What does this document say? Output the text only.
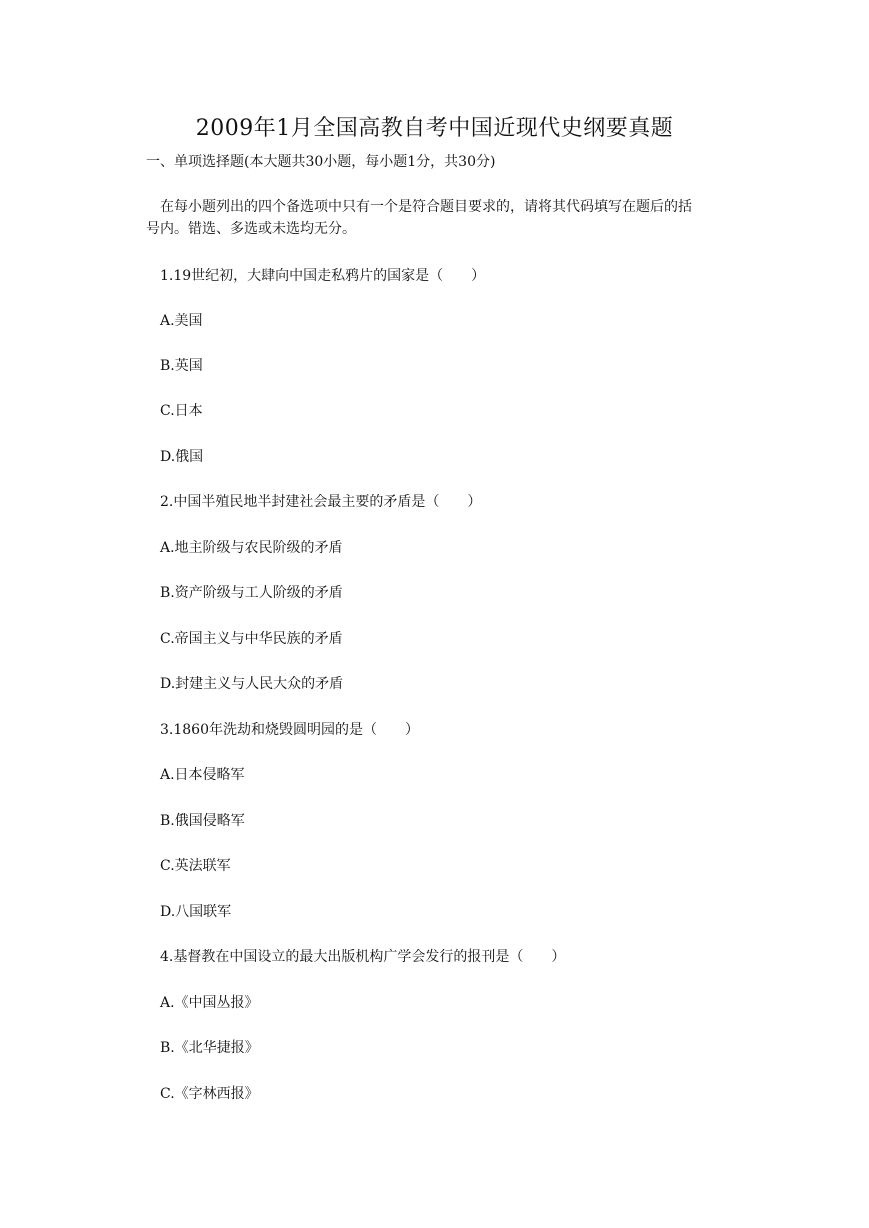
2009年1月全国高教自考中国近现代史纲要真题
一、单项选择题(本大题共30小题，每小题1分，共30分)
在每小题列出的四个备选项中只有一个是符合题目要求的，请将其代码填写在题后的括
号内。错选、多选或未选均无分。
1.19世纪初，大肆向中国走私鸦片的国家是（　　）
A.美国
B.英国
C.日本
D.俄国
2.中国半殖民地半封建社会最主要的矛盾是（　　）
A.地主阶级与农民阶级的矛盾
B.资产阶级与工人阶级的矛盾
C.帝国主义与中华民族的矛盾
D.封建主义与人民大众的矛盾
3.1860年洗劫和烧毁圆明园的是（　　）
A.日本侵略军
B.俄国侵略军
C.英法联军
D.八国联军
4.基督教在中国设立的最大出版机构广学会发行的报刊是（　　）
A.《中国丛报》
B.《北华捷报》
C.《字林西报》
